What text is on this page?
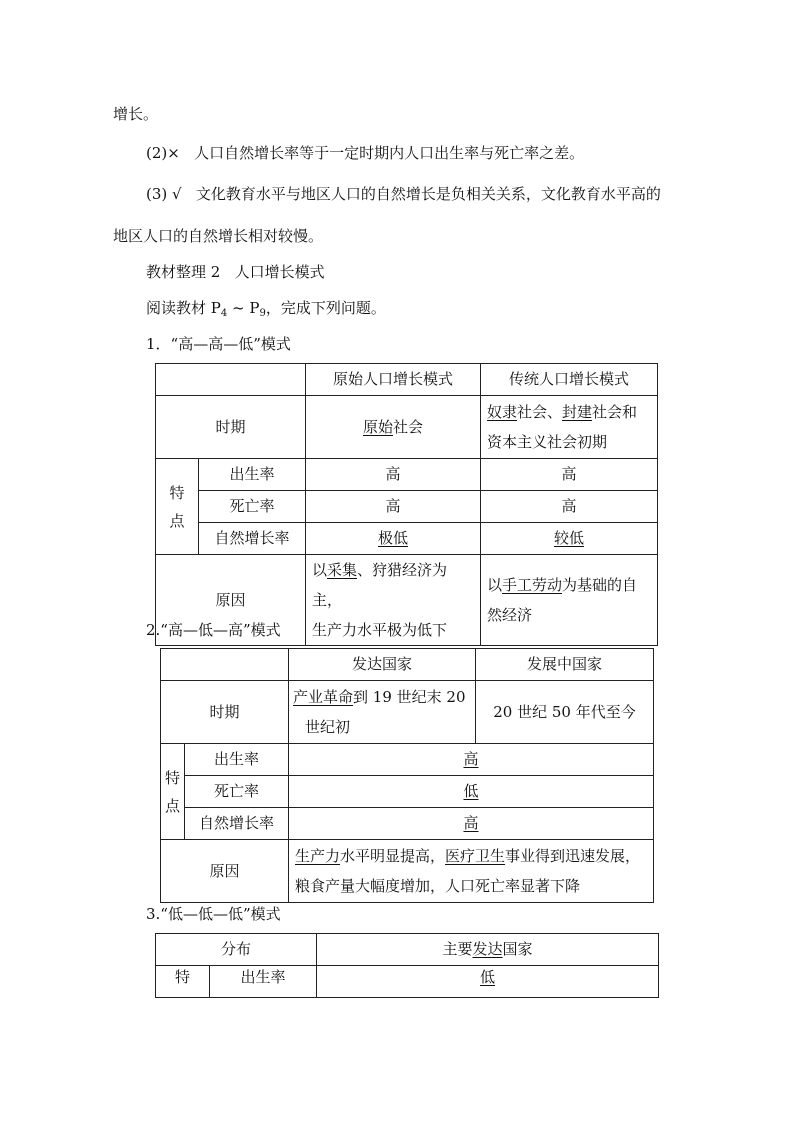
增长。
(2)× 人口自然增长率等于一定时期内人口出生率与死亡率之差。
(3) √ 文化教育水平与地区人口的自然增长是负相关关系，文化教育水平高的
地区人口的自然增长相对较慢。
教材整理 2 人口增长模式
阅读教材 $P_4$ ~ $P_9$，完成下列问题。
1．“高—高—低”模式
		原始人口增长模式	传统人口增长模式
时期		原始社会	奴隶社会、封建社会和
资本主义社会初期
特
点	出生率	高	高
	死亡率	高	高
	自然增长率	极低	较低
原因		以采集、狩猎经济为主，
生产力水平极为低下	以手工劳动为基础的自
然经济
2.“高—低—高”模式
		发达国家	发展中国家
时期		产业革命到 19 世纪末 20
世纪初	20 世纪 50 年代至今
特
点	出生率	高	
	死亡率	低	
	自然增长率	高	
原因		生产力水平明显提高，医疗卫生事业得到迅速发展，
粮食产量大幅度增加，人口死亡率显著下降	
3.“低—低—低”模式
分布		主要发达国家
特	出生率	低
